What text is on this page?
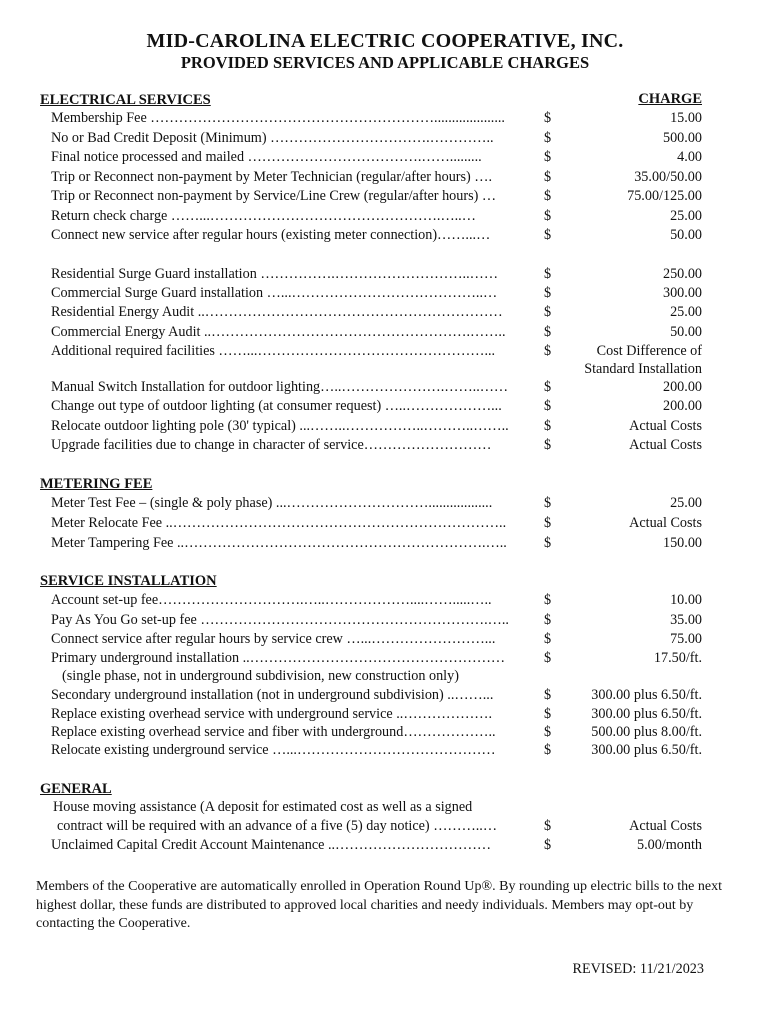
MID-CAROLINA ELECTRIC COOPERATIVE, INC.
PROVIDED SERVICES AND APPLICABLE CHARGES
ELECTRICAL SERVICES	CHARGE
Membership Fee ……………………………………………………....................	$	15.00
No or Bad Credit Deposit (Minimum) …………………………….…………..	$	500.00
Final notice processed and mailed ……………………………….…….........	$	4.00
Trip or Reconnect non-payment by Meter Technician (regular/after hours) ….	$	35.00/50.00
Trip or Reconnect non-payment by Service/Line Crew (regular/after hours) …	$	75.00/125.00
Return check charge ……...………………………………………….…..…	$	25.00
Connect new service after regular hours (existing meter connection)……...…	$	50.00
Residential Surge Guard installation …………….………………………..……	$	250.00
Commercial Surge Guard installation …...…………………………………..…	$	300.00
Residential Energy Audit ..………………………………………………………	$	25.00
Commercial Energy Audit ..……………………………………………….……..	$	50.00
Additional required facilities ……...…………………………………………...	$	Cost Difference of
Standard Installation
Manual Switch Installation for outdoor lighting…..………………….……..……	$	200.00
Change out type of outdoor lighting (at consumer request) …..………………...	$	200.00
Relocate outdoor lighting pole (30' typical) ...……..……………..………..……..	$	Actual Costs
Upgrade facilities due to change in character of service………………………	$	Actual Costs
METERING FEE
Meter Test Fee – (single & poly phase) ...…………………………..................	$	25.00
Meter Relocate Fee ..……………………………………………………………..	$	Actual Costs
Meter Tampering Fee ..……………………………………………………….…..	$	150.00
SERVICE INSTALLATION
Account set-up fee………………………….…..………………....…….....…..	$	10.00
Pay As You Go set-up fee …………………………………………………….…..	$	35.00
Connect service after regular hours by service crew …...……………………...	$	75.00
Primary underground installation ..………………………………………………	$	17.50/ft.
(single phase, not in underground subdivision, new construction only)
Secondary underground installation (not in underground subdivision) ..……...	$	300.00 plus 6.50/ft.
Replace existing overhead service with underground service ..……………….	$	300.00 plus 6.50/ft.
Replace existing overhead service and fiber with underground………………..	$	500.00 plus 8.00/ft.
Relocate existing underground service …...……………………………………	$	300.00 plus 6.50/ft.
GENERAL
House moving assistance (A deposit for estimated cost as well as a signed
contract will be required with an advance of a five (5) day notice) ………..…	$	Actual Costs
Unclaimed Capital Credit Account Maintenance ..……………………………	$	5.00/month
Members of the Cooperative are automatically enrolled in Operation Round Up®. By rounding up electric bills to the next highest dollar, these funds are distributed to approved local charities and needy individuals. Members may opt-out by contacting the Cooperative.
REVISED: 11/21/2023
